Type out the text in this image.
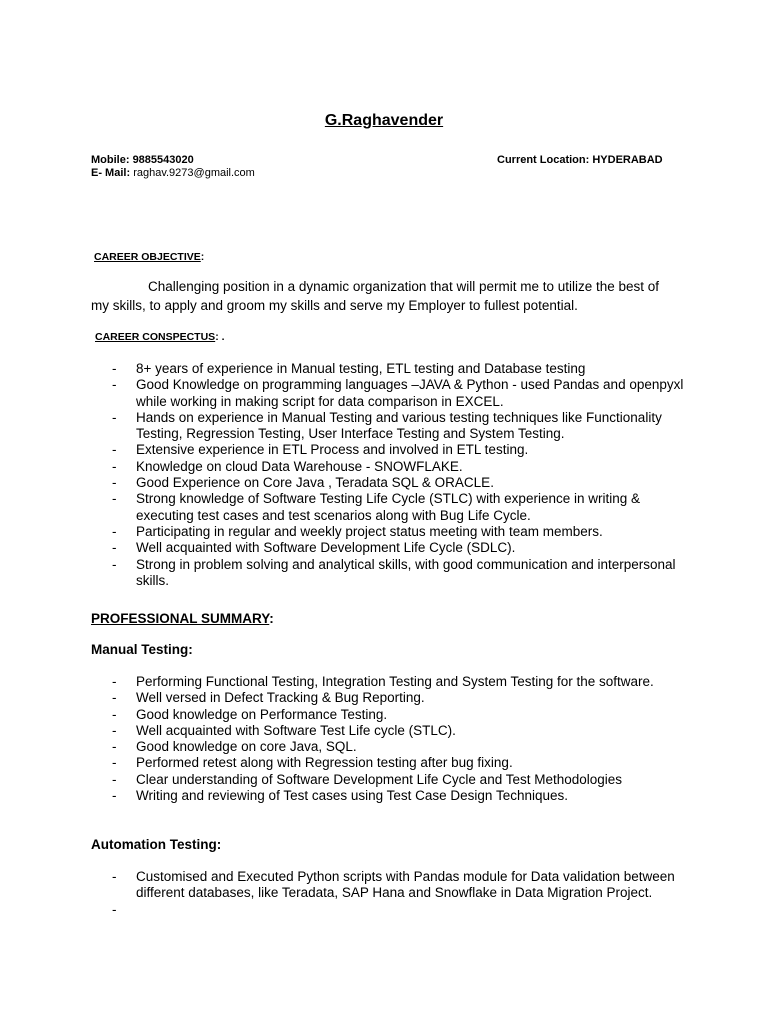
G.Raghavender
Mobile: 9885543020	Current Location: HYDERABAD
E- Mail: raghav.9273@gmail.com
CAREER OBJECTIVE:
Challenging position in a dynamic organization that will permit me to utilize the best of
my skills, to apply and groom my skills and serve my Employer to fullest potential.
CAREER CONSPECTUS: .
- 8+ years of experience in Manual testing, ETL testing and Database testing
- Good Knowledge on programming languages –JAVA & Python - used Pandas and openpyxl while working in making script for data comparison in EXCEL.
- Hands on experience in Manual Testing and various testing techniques like Functionality Testing, Regression Testing, User Interface Testing and System Testing.
- Extensive experience in ETL Process and involved in ETL testing.
- Knowledge on cloud Data Warehouse - SNOWFLAKE.
- Good Experience on Core Java , Teradata SQL & ORACLE.
- Strong knowledge of Software Testing Life Cycle (STLC) with experience in writing & executing test cases and test scenarios along with Bug Life Cycle.
- Participating in regular and weekly project status meeting with team members.
- Well acquainted with Software Development Life Cycle (SDLC).
- Strong in problem solving and analytical skills, with good communication and interpersonal skills.
PROFESSIONAL SUMMARY:
Manual Testing:
- Performing Functional Testing, Integration Testing and System Testing for the software.
- Well versed in Defect Tracking & Bug Reporting.
- Good knowledge on Performance Testing.
- Well acquainted with Software Test Life cycle (STLC).
- Good knowledge on core Java, SQL.
- Performed retest along with Regression testing after bug fixing.
- Clear understanding of Software Development Life Cycle and Test Methodologies
- Writing and reviewing of Test cases using Test Case Design Techniques.
Automation Testing:
- Customised and Executed Python scripts with Pandas module for Data validation between different databases, like Teradata, SAP Hana and Snowflake in Data Migration Project.
-
